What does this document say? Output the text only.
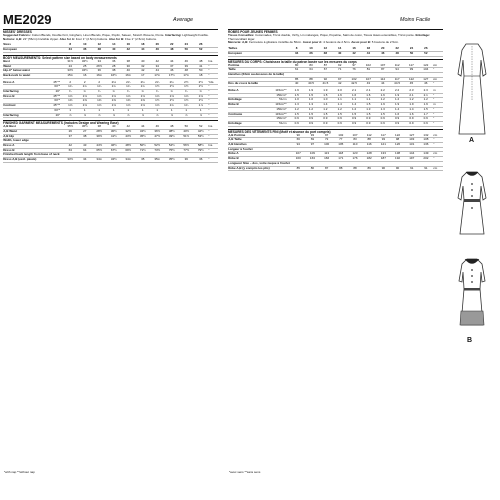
ME2029	Average	Moins Facile
MISSES' DRESSES
Suggested Fabrics: Cotton Blends, Double Knit, Gingham, Linen Blends, Pique, Poplin, Sateen, Stretch Wovens, Ponte. Interfacing: Lightweight Fusible.
Notions: A,B: 22" (56cm) Invisible zipper. Also for A: Four 1" (2.5cm) buttons. Also for B: Five 1" (2.5cm) buttons.
Sizes		8	10	12	14	16	18	20	22	24	26	
European		34	36	38	40	42	44	46	48	50	52	
BODY MEASUREMENTS: Select pattern size based on body measurements
Bust		31½	32½	34	36	38	40	42	44	46	48	Ins.
Waist		24	25	26½	28	30	32	34	37	39	41	"
Hip-9" below waist		33½	34½	36	38	40	42	44	46	48	50	"
Back-neck to waist		15¾	16	16¼	16½	16¾	17	17¼	17½	17¾	18	"
Dress A	45"**	2	2	2	2⅛	2¼	2¼	2¼	2¼	2½	2½	Yds.
	60"*	1¾	1¾	1¾	1¾	1¾	1¾	1½	1½	1½	1½	"
Interfacing	20"	¾	¾	¾	¾	¾	¾	¾	¾	¾	¾	"
Dress B	45"**	1⅝	1⅝	1⅝	1⅝	1⅝	1⅝	1⅝	1⅝	1⅝	1⅝	"
	60"*	1⅜	1⅜	1⅜	1⅜	1⅜	1⅜	1½	1½	1½	1½	"
Contrast	45"**	1⅝	1⅝	1⅝	1⅝	1⅝	1⅝	1⅝	1¾	1¾	1⅞	"
	60"*	1	1	1	1	1	1	1	1	1	1	"
Interfacing	20"	⅞	⅞	⅞	⅞	⅞	⅞	⅞	⅞	⅞	⅞	"
FINISHED GARMENT MEASUREMENTS (Includes Design and Wearing Ease)
A,B Bust		35½	36½	38	40	42	44	46	48	50	52	Ins.
A,B Waist		26	27	28½	30½	32½	34½	36½	38½	40½	42½	"
A,B Hip		37	38	39½	41½	43½	45½	47½	49½	51½	53½	"
Width, lower edge												
Dress A		42	43	44½	46½	48½	50½	52½	54½	56½	58½	Ins.
Dress B		63	64	65½	67½	69½	71½	73½	75½	77½	79½	"
Finished back length from base of neck												
Dress A,B (excl. pleats)		33½	34	34¼	34½	34¾	35	35¼	35½	36	36	"
*with nap **without nap
ROBES POUR JEUNES FEMMES
Tissus Conseillés: Cotonnades, Tricot double, Vichy, Lin mélangés, Piqué, Popeline, Satin de coton, Tissus tissés extensibles, Tricot ponte. Entoilage: Thermocollant léger.
Mercerie: A,B: Fermeture à glissière invisible de 56cm. Aussi pour A: 4 boutons de 2.5cm. Aussi pour B: 5 boutons de 2.5cm.
Tailles		8	10	12	14	16	18	20	22	24	26	
Européen		34	36	38	40	42	44	46	48	50	52	
MESURES DU CORPS: Choisissez la taille du patron basée sur les mesures du corps
Poitrine		80	83	87	92	97	102	107	112	117	122	cm
Taille		61	64	67	71	76	81	87	94	99	104	"
Hanches (23cm au-dessous de la taille)												
		85	88	92	97	102	107	112	117	122	127	cm
Dos du cou à la taille		40	40.5	41.5	42	42.5	43	44	44.5	45	46	"
Robe A	115cm**	1.9	1.9	1.9	2.0	2.1	2.1	2.2	2.2	2.3	2.3	m
	150cm*	1.5	1.5	1.5	1.6	1.6	1.6	1.6	1.9	2.1	2.1	"
Entoilage	51cm	1.0	1.0	1.0	1.1	1.1	1.1	1.2	1.2	1.2	1.2	"
Robe B	115cm**	1.3	1.3	1.4	1.4	1.4	1.5	1.9	1.9	1.9	1.9	m
	150cm*	1.2	1.2	1.2	1.2	1.2	1.3	1.3	1.4	1.4	1.5	"
Contraste	115cm**	1.5	1.5	1.5	1.5	1.5	1.5	1.5	1.6	1.6	1.7	"
	150cm*	0.9	0.9	0.9	0.9	0.9	0.9	0.9	0.9	0.9	0.9	"
Entoilage	51cm	0.9	0.9	0.9	0.9	0.9	0.9	0.9	0.9	0.9	0.9	"
MESURES DES VÊTEMENTS FINI (Motif et aisance du port compris)
A,B Poitrine		90	93	97	102	107	112	117	122	127	132	cm
A,B Taille		66	69	72	77	83	88	93	98	103	108	"
A,B Hanches		94	97	100	105	110	116	121	126	131	136	"
Largeur à l'ourlet												
Robe A		107	109	113	118	123	128	133	138	144	149	cm
Robe B		160	163	166	171	176	182	187	192	197	202	"
Longueur finie – dos, votre nuque à l'ourlet												
Robe A,B (y compris les plis)		85	86	87	88	88	89	90	90	91	91	cm
*avec sens **sans sens
A
B
